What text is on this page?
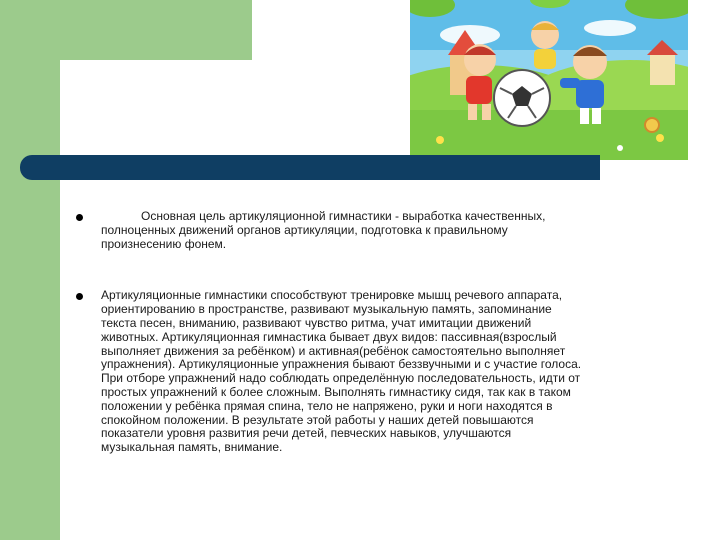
Основная цель артикуляционной гимнастики - выработка качественных,
полноценных движений органов артикуляции, подготовка к правильному
произнесению фонем.
Артикуляционные гимнастики способствуют тренировке мышц речевого аппарата,
ориентированию в пространстве, развивают музыкальную память, запоминание
текста песен, вниманию, развивают чувство ритма, учат имитации движений
животных. Артикуляционная гимнастика бывает двух видов: пассивная(взрослый
выполняет движения за ребёнком) и активная(ребёнок самостоятельно выполняет
упражнения). Артикуляционные упражнения бывают беззвучными и с участие голоса.
При отборе упражнений надо соблюдать определённую последовательность, идти от
простых упражнений к более сложным. Выполнять гимнастику сидя, так как в таком
положении у ребёнка прямая спина, тело не напряжено, руки и ноги находятся в
спокойном положении. В результате этой работы у наших детей повышаются
показатели уровня развития речи детей, певческих навыков, улучшаются
музыкальная память, внимание.
